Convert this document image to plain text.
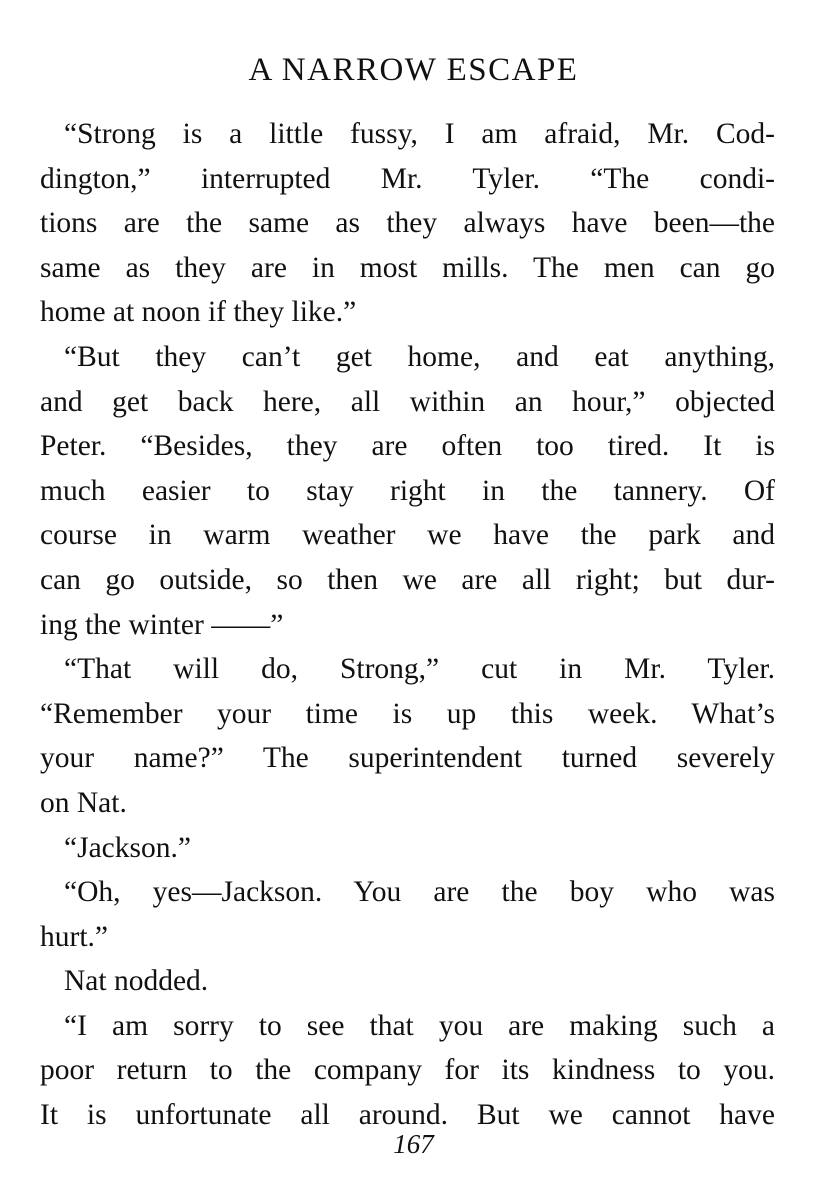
A NARROW ESCAPE
“Strong is a little fussy, I am afraid, Mr. Cod-
dington,” interrupted Mr. Tyler. “The condi-
tions are the same as they always have been—the
same as they are in most mills. The men can go
home at noon if they like.”
“But they can’t get home, and eat anything,
and get back here, all within an hour,” objected
Peter. “Besides, they are often too tired. It is
much easier to stay right in the tannery. Of
course in warm weather we have the park and
can go outside, so then we are all right; but dur-
ing the winter ——”
“That will do, Strong,” cut in Mr. Tyler.
“Remember your time is up this week. What’s
your name?” The superintendent turned severely
on Nat.
“Jackson.”
“Oh, yes—Jackson. You are the boy who was
hurt.”
Nat nodded.
“I am sorry to see that you are making such a
poor return to the company for its kindness to you.
It is unfortunate all around. But we cannot have
167
